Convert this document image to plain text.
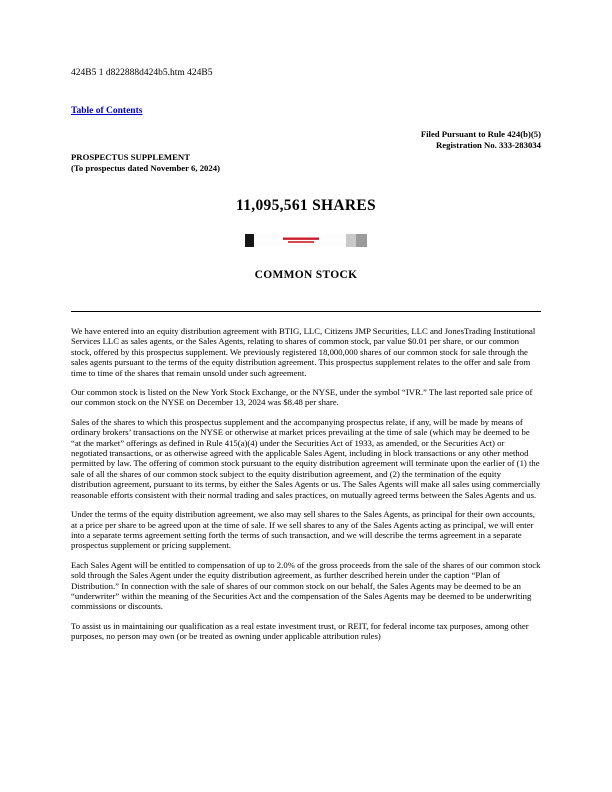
424B5 1 d822888d424b5.htm 424B5
Table of Contents
Filed Pursuant to Rule 424(b)(5)
Registration No. 333-283034
PROSPECTUS SUPPLEMENT
(To prospectus dated November 6, 2024)
11,095,561 SHARES
COMMON STOCK

We have entered into an equity distribution agreement with BTIG, LLC, Citizens JMP Securities, LLC and JonesTrading Institutional Services LLC as sales agents, or the Sales Agents, relating to shares of common stock, par value $0.01 per share, or our common stock, offered by this prospectus supplement. We previously registered 18,000,000 shares of our common stock for sale through the sales agents pursuant to the terms of the equity distribution agreement. This prospectus supplement relates to the offer and sale from time to time of the shares that remain unsold under such agreement.

Our common stock is listed on the New York Stock Exchange, or the NYSE, under the symbol “IVR.” The last reported sale price of our common stock on the NYSE on December 13, 2024 was $8.48 per share.

Sales of the shares to which this prospectus supplement and the accompanying prospectus relate, if any, will be made by means of ordinary brokers’ transactions on the NYSE or otherwise at market prices prevailing at the time of sale (which may be deemed to be “at the market” offerings as defined in Rule 415(a)(4) under the Securities Act of 1933, as amended, or the Securities Act) or negotiated transactions, or as otherwise agreed with the applicable Sales Agent, including in block transactions or any other method permitted by law. The offering of common stock pursuant to the equity distribution agreement will terminate upon the earlier of (1) the sale of all the shares of our common stock subject to the equity distribution agreement, and (2) the termination of the equity distribution agreement, pursuant to its terms, by either the Sales Agents or us. The Sales Agents will make all sales using commercially reasonable efforts consistent with their normal trading and sales practices, on mutually agreed terms between the Sales Agents and us.

Under the terms of the equity distribution agreement, we also may sell shares to the Sales Agents, as principal for their own accounts, at a price per share to be agreed upon at the time of sale. If we sell shares to any of the Sales Agents acting as principal, we will enter into a separate terms agreement setting forth the terms of such transaction, and we will describe the terms agreement in a separate prospectus supplement or pricing supplement.

Each Sales Agent will be entitled to compensation of up to 2.0% of the gross proceeds from the sale of the shares of our common stock sold through the Sales Agent under the equity distribution agreement, as further described herein under the caption “Plan of Distribution.” In connection with the sale of shares of our common stock on our behalf, the Sales Agents may be deemed to be an “underwriter” within the meaning of the Securities Act and the compensation of the Sales Agents may be deemed to be underwriting commissions or discounts.

To assist us in maintaining our qualification as a real estate investment trust, or REIT, for federal income tax purposes, among other purposes, no person may own (or be treated as owning under applicable attribution rules)
